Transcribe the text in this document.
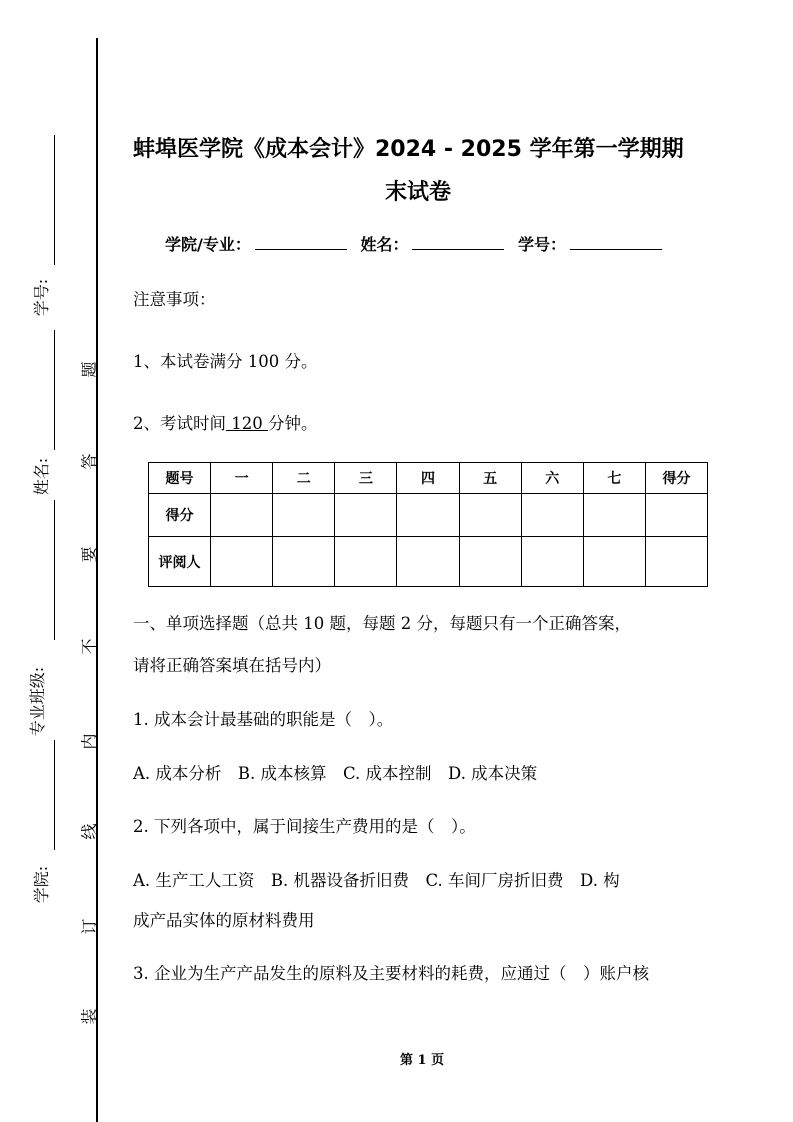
学号:
姓名:
专业班级:
学院:
题
答
要
不
内
线
订
装
蚌埠医学院《成本会计》2024 - 2025 学年第一学期期
末试卷
学院/专业：	姓名：	学号：
注意事项：
1、本试卷满分 100 分。
2、考试时间 120 分钟。
题号	一	二	三	四	五	六	七	得分
得分								
评阅人								
一、单项选择题（总共 10 题，每题 2 分，每题只有一个正确答案，
请将正确答案填在括号内）
1. 成本会计最基础的职能是（　）。
A. 成本分析　B. 成本核算　C. 成本控制　D. 成本决策
2. 下列各项中，属于间接生产费用的是（　）。
A. 生产工人工资　B. 机器设备折旧费　C. 车间厂房折旧费　D. 构
成产品实体的原材料费用
3. 企业为生产产品发生的原料及主要材料的耗费，应通过（　）账户核
第 1 页
